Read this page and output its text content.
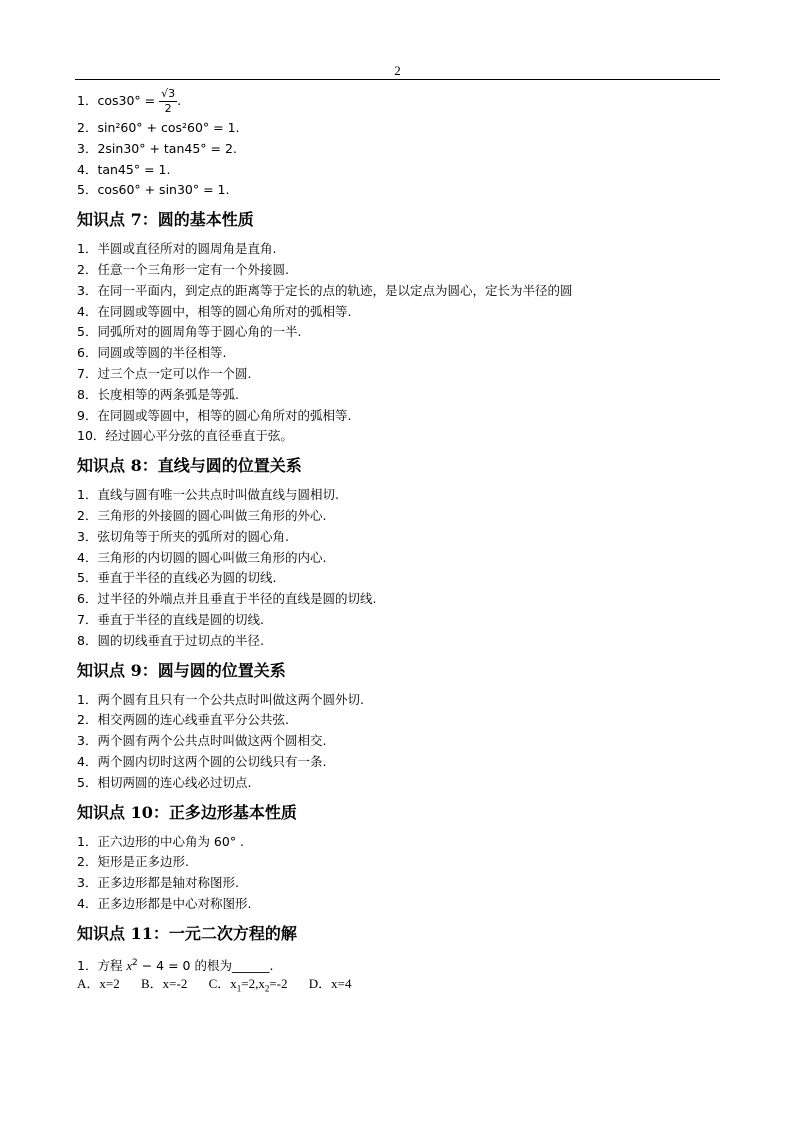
2
1．$\cos 30^\circ = \frac{√3}{2}$ .
2．sin²60° + cos²60° = 1.
3．2sin30° + tan45° = 2.
4．tan45° = 1.
5．cos60° + sin30° = 1.
知识点 7：圆的基本性质
1．半圆或直径所对的圆周角是直角.
2．任意一个三角形一定有一个外接圆.
3．在同一平面内，到定点的距离等于定长的点的轨迹，是以定点为圆心，定长为半径的圆
4．在同圆或等圆中，相等的圆心角所对的弧相等.
5．同弧所对的圆周角等于圆心角的一半.
6．同圆或等圆的半径相等.
7．过三个点一定可以作一个圆.
8．长度相等的两条弧是等弧.
9．在同圆或等圆中，相等的圆心角所对的弧相等.
10．经过圆心平分弦的直径垂直于弦。
知识点 8：直线与圆的位置关系
1．直线与圆有唯一公共点时叫做直线与圆相切.
2．三角形的外接圆的圆心叫做三角形的外心.
3．弦切角等于所夹的弧所对的圆心角.
4．三角形的内切圆的圆心叫做三角形的内心.
5．垂直于半径的直线必为圆的切线.
6．过半径的外端点并且垂直于半径的直线是圆的切线.
7．垂直于半径的直线是圆的切线.
8．圆的切线垂直于过切点的半径.
知识点 9：圆与圆的位置关系
1．两个圆有且只有一个公共点时叫做这两个圆外切.
2．相交两圆的连心线垂直平分公共弦.
3．两个圆有两个公共点时叫做这两个圆相交.
4．两个圆内切时这两个圆的公切线只有一条.
5．相切两圆的连心线必过切点.
知识点 10：正多边形基本性质
1．正六边形的中心角为 60° .
2．矩形是正多边形.
3．正多边形都是轴对称图形.
4．正多边形都是中心对称图形.
知识点 11：一元二次方程的解
1．方程 $x^2 - 4 = 0$ 的根为______.
A．x=2 B．x=-2 C．$x_1=2,x_2=-2$ D．x=4
